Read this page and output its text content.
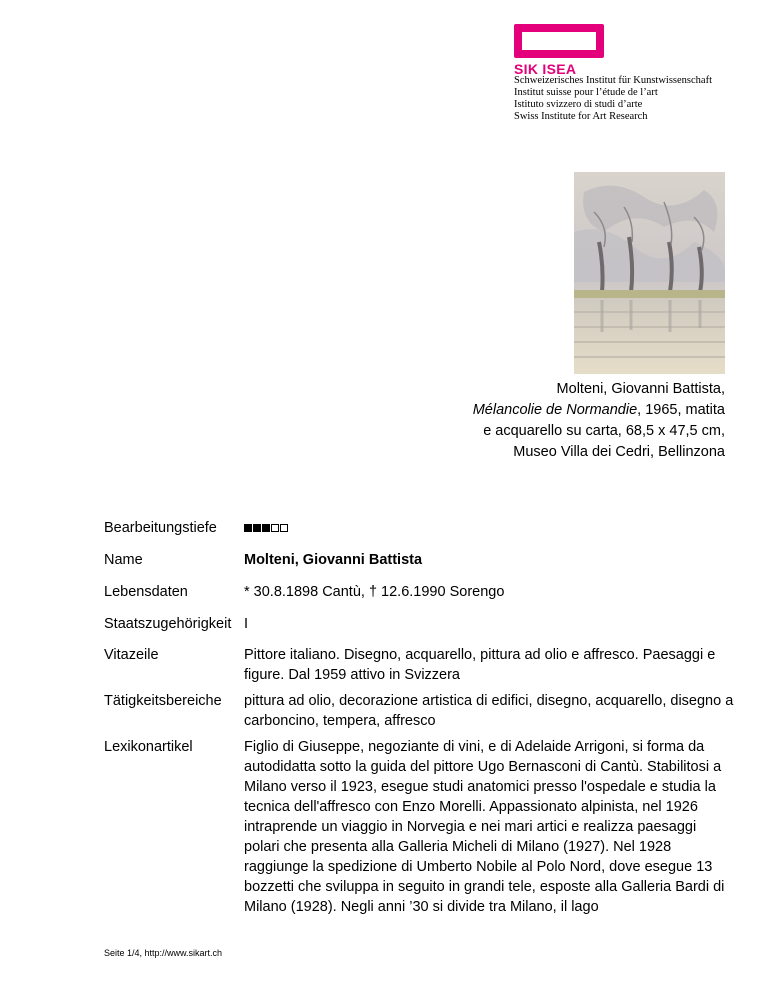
SIK ISEA
Schweizerisches Institut für Kunstwissenschaft
Institut suisse pour l’étude de l’art
Istituto svizzero di studi d’arte
Swiss Institute for Art Research
Molteni, Giovanni Battista,
Mélancolie de Normandie, 1965, matita e acquarello su carta, 68,5 x 47,5 cm, Museo Villa dei Cedri, Bellinzona
Bearbeitungstiefe
Name	Molteni, Giovanni Battista
Lebensdaten	* 30.8.1898 Cantù, † 12.6.1990 Sorengo
Staatszugehörigkeit I
Vitazeile	Pittore italiano. Disegno, acquarello, pittura ad olio e affresco. Paesaggi e figure. Dal 1959 attivo in Svizzera
Tätigkeitsbereiche	pittura ad olio, decorazione artistica di edifici, disegno, acquarello, disegno a carboncino, tempera, affresco
Lexikonartikel	Figlio di Giuseppe, negoziante di vini, e di Adelaide Arrigoni, si forma da autodidatta sotto la guida del pittore Ugo Bernasconi di Cantù. Stabilitosi a Milano verso il 1923, esegue studi anatomici presso l'ospedale e studia la tecnica dell'affresco con Enzo Morelli. Appassionato alpinista, nel 1926 intraprende un viaggio in Norvegia e nei mari artici e realizza paesaggi polari che presenta alla Galleria Micheli di Milano (1927). Nel 1928 raggiunge la spedizione di Umberto Nobile al Polo Nord, dove esegue 13 bozzetti che sviluppa in seguito in grandi tele, esposte alla Galleria Bardi di Milano (1928). Negli anni ’30 si divide tra Milano, il lago
Seite 1/4, http://www.sikart.ch
